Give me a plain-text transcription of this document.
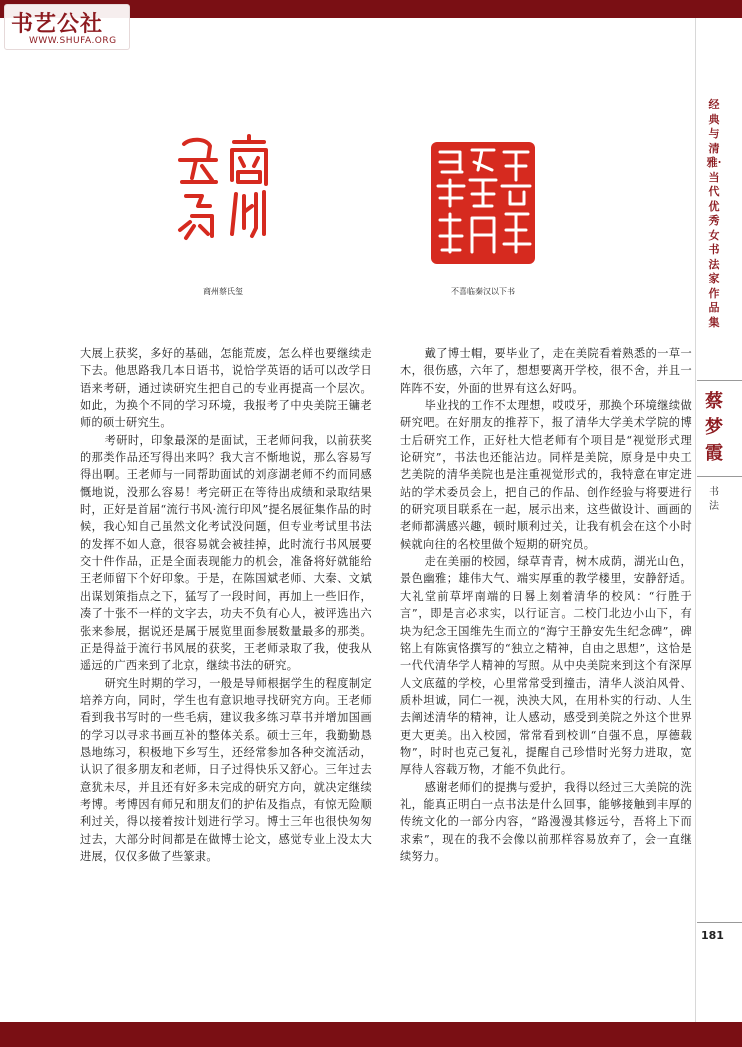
书艺公社
WWW.SHUFA.ORG
经典与清雅·当代优秀女书法家作品集
蔡梦霞
书法
181
商州蔡氏玺	不喜临秦汉以下书

大展上获奖，多好的基础，怎能荒废，怎么样也要继续走下去。他思路我几本日语书，说恰学英语的话可以改学日语来考研，通过读研究生把自己的专业再提高一个层次。如此，为换个不同的学习环境，我报考了中央美院王镛老师的硕士研究生。

考研时，印象最深的是面试，王老师问我，以前获奖的那类作品还写得出来吗？我大言不惭地说，那么容易写得出啊。王老师与一同帮助面试的刘彦湖老师不约而同感慨地说，没那么容易！考完研正在等待出成绩和录取结果时，正好是首届“流行书风·流行印风”提名展征集作品的时候，我心知自己虽然文化考试没问题，但专业考试里书法的发挥不如人意，很容易就会被挂掉，此时流行书风展要交十件作品，正是全面表现能力的机会，准备将好就能给王老师留下个好印象。于是，在陈国斌老师、大秦、文斌出谋划策指点之下，猛写了一段时间，再加上一些旧作，凑了十张不一样的文字去，功夫不负有心人，被评选出六张来参展，据说还是属于展览里面参展数量最多的那类。正是得益于流行书风展的获奖，王老师录取了我，使我从遥远的广西来到了北京，继续书法的研究。

研究生时期的学习，一般是导师根据学生的程度制定培养方向，同时，学生也有意识地寻找研究方向。王老师看到我书写时的一些毛病，建议我多练习草书并增加国画的学习以寻求书画互补的整体关系。硕士三年，我勤勤恳恳地练习，积极地下乡写生，还经常参加各种交流活动，认识了很多朋友和老师，日子过得快乐又舒心。三年过去意犹未尽，并且还有好多未完成的研究方向，就决定继续考博。考博因有师兄和朋友们的护佑及指点，有惊无险顺利过关，得以接着按计划进行学习。博士三年也很快匆匆过去，大部分时间都是在做博士论文，感觉专业上没太大进展，仅仅多做了些篆隶。

戴了博士帽，要毕业了，走在美院看着熟悉的一草一木，很伤感，六年了，想想要离开学校，很不舍，并且一阵阵不安，外面的世界有这么好吗。

毕业找的工作不太理想，哎哎牙，那换个环境继续做研究吧。在好朋友的推荐下，报了清华大学美术学院的博士后研究工作，正好杜大恺老师有个项目是“视觉形式理论研究”，书法也还能沾边。同样是美院，原身是中央工艺美院的清华美院也是注重视觉形式的，我特意在审定进站的学术委员会上，把自己的作品、创作经验与将要进行的研究项目联系在一起，展示出来，这些做设计、画画的老师都满感兴趣，顿时顺利过关，让我有机会在这个小时候就向往的名校里做个短期的研究员。

走在美丽的校园，绿草青青，树木成荫，湖光山色，景色幽雅；雄伟大气、端实厚重的教学楼里，安静舒适。大礼堂前草坪南端的日晷上刻着清华的校风：“行胜于言”，即是言必求实，以行证言。二校门北边小山下，有块为纪念王国维先生而立的“海宁王静安先生纪念碑”，碑铭上有陈寅恪撰写的“独立之精神，自由之思想”，这恰是一代代清华学人精神的写照。从中央美院来到这个有深厚人文底蕴的学校，心里常常受到撞击，清华人淡泊风骨、质朴坦诚，同仁一视，泱泱大风，在用朴实的行动、人生去阐述清华的精神，让人感动，感受到美院之外这个世界更大更美。出入校园，常常看到校训“自强不息，厚德载物”，时时也克己复礼，提醒自己珍惜时光努力进取，宽厚待人容载万物，才能不负此行。

感谢老师们的提携与爱护，我得以经过三大美院的洗礼，能真正明白一点书法是什么回事，能够接触到丰厚的传统文化的一部分内容，“路漫漫其修远兮，吾将上下而求索”，现在的我不会像以前那样容易放弃了，会一直继续努力。
